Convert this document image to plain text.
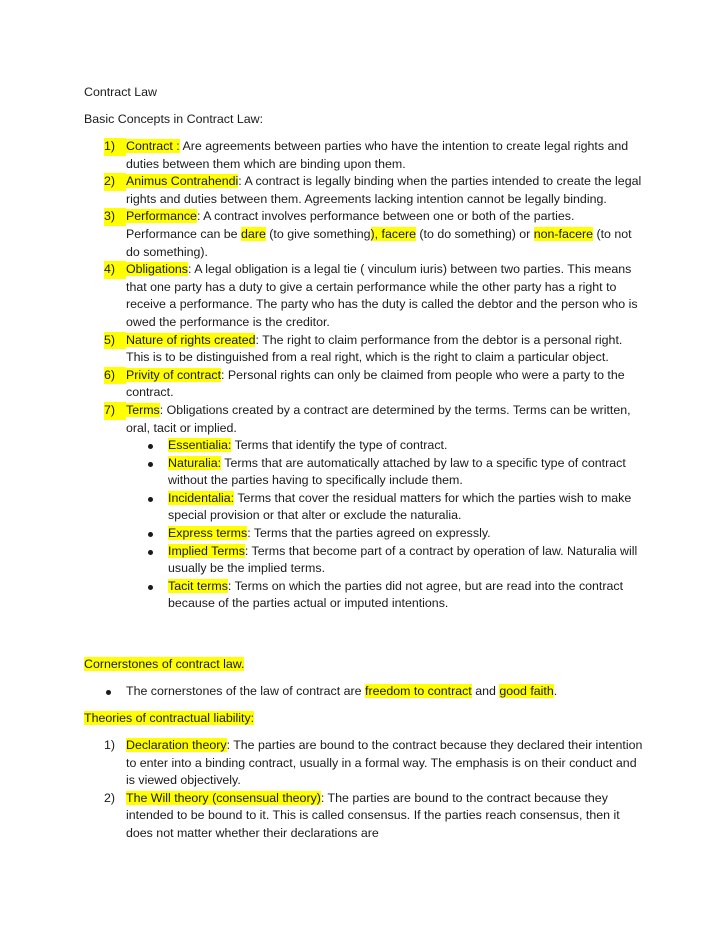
Contract Law

Basic Concepts in Contract Law:

1) Contract : Are agreements between parties who have the intention to create legal rights and duties between them which are binding upon them.
2) Animus Contrahendi: A contract is legally binding when the parties intended to create the legal rights and duties between them. Agreements lacking intention cannot be legally binding.
3) Performance: A contract involves performance between one or both of the parties. Performance can be dare (to give something), facere (to do something) or non-facere (to not do something).
4) Obligations: A legal obligation is a legal tie ( vinculum iuris) between two parties. This means that one party has a duty to give a certain performance while the other party has a right to receive a performance. The party who has the duty is called the debtor and the person who is owed the performance is the creditor.
5) Nature of rights created: The right to claim performance from the debtor is a personal right. This is to be distinguished from a real right, which is the right to claim a particular object.
6) Privity of contract: Personal rights can only be claimed from people who were a party to the contract.
7) Terms: Obligations created by a contract are determined by the terms. Terms can be written, oral, tacit or implied.
Essentialia: Terms that identify the type of contract.
Naturalia: Terms that are automatically attached by law to a specific type of contract without the parties having to specifically include them.
Incidentalia: Terms that cover the residual matters for which the parties wish to make special provision or that alter or exclude the naturalia.
Express terms: Terms that the parties agreed on expressly.
Implied Terms: Terms that become part of a contract by operation of law. Naturalia will usually be the implied terms.
Tacit terms: Terms on which the parties did not agree, but are read into the contract because of the parties actual or imputed intentions.

Cornerstones of contract law.

The cornerstones of the law of contract are freedom to contract and good faith.

Theories of contractual liability:

1) Declaration theory: The parties are bound to the contract because they declared their intention to enter into a binding contract, usually in a formal way. The emphasis is on their conduct and is viewed objectively.
2) The Will theory (consensual theory): The parties are bound to the contract because they intended to be bound to it. This is called consensus. If the parties reach consensus, then it does not matter whether their declarations are
